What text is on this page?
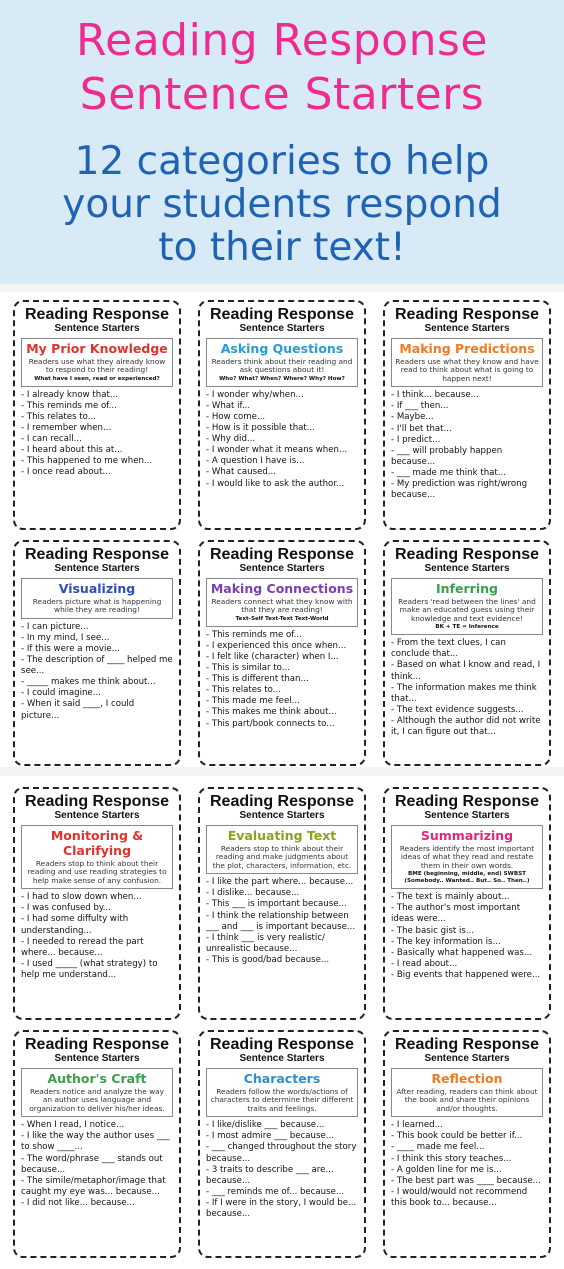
Reading Response
Sentence Starters
12 categories to help
your students respond
to their text!
Reading Response
Sentence Starters
My Prior Knowledge
Readers use what they already know to respond to their reading!
What have I seen, read or experienced?
- I already know that...
- This reminds me of...
- This relates to...
- I remember when...
- I can recall...
- I heard about this at...
- This happened to me when...
- I once read about...
Reading Response
Sentence Starters
Asking Questions
Readers think about their reading and ask questions about it!
Who? What? When? Where? Why? How?
- I wonder why/when...
- What if...
- How come...
- How is it possible that...
- Why did...
- I wonder what it means when...
- A question I have is...
- What caused...
- I would like to ask the author...
Reading Response
Sentence Starters
Making Predictions
Readers use what they know and have read to think about what is going to happen next!
- I think... because...
- If ___ then...
- Maybe...
- I'll bet that...
- I predict...
- ___ will probably happen because...
- ___ made me think that...
- My prediction was right/wrong because...
Reading Response
Sentence Starters
Visualizing
Readers picture what is happening while they are reading!
- I can picture...
- In my mind, I see...
- If this were a movie...
- The description of ____ helped me see...
- _____ makes me think about...
- I could imagine...
- When it said ____, I could picture...
Reading Response
Sentence Starters
Making Connections
Readers connect what they know with that they are reading!
Text-Self Text-Text Text-World
- This reminds me of...
- I experienced this once when...
- I felt like (character) when I...
- This is similar to...
- This is different than...
- This relates to...
- This made me feel...
- This makes me think about...
- This part/book connects to...
Reading Response
Sentence Starters
Inferring
Readers 'read between the lines' and make an educated guess using their knowledge and text evidence!
BK + TE = Inference
- From the text clues, I can conclude that...
- Based on what I know and read, I think...
- The information makes me think that...
- The text evidence suggests...
- Although the author did not write it, I can figure out that...
Reading Response
Sentence Starters
Monitoring & Clarifying
Readers stop to think about their reading and use reading strategies to help make sense of any confusion.
- I had to slow down when...
- I was confused by...
- I had some diffulty with understanding...
- I needed to reread the part where... because...
- I used _____ (what strategy) to help me understand...
Reading Response
Sentence Starters
Evaluating Text
Readers stop to think about their reading and make judgments about the plot, characters, information, etc.
- I like the part where... because...
- I dislike... because...
- This ___ is important because...
- I think the relationship between ___ and ___ is important because...
- I think ___ is very realistic/ unrealistic because...
- This is good/bad because...
Reading Response
Sentence Starters
Summarizing
Readers identify the most important ideas of what they read and restate them in their own words.
BME (beginning, middle, end) SWBST (Somebody.. Wanted.. But.. So.. Then..)
- The text is mainly about...
- The author's most important ideas were...
- The basic gist is...
- The key information is...
- Basically what happened was...
- I read about...
- Big events that happened were...
Reading Response
Sentence Starters
Author's Craft
Readers notice and analyze the way an author uses language and organization to deliver his/her ideas.
- When I read, I notice...
- I like the way the author uses ___ to show ____...
- The word/phrase ___ stands out because...
- The simile/metaphor/image that caught my eye was... because...
- I did not like... because...
Reading Response
Sentence Starters
Characters
Readers follow the words/actions of characters to determine their different traits and feelings.
- I like/dislike ___ because...
- I most admire ___ because...
- ___ changed throughout the story because...
- 3 traits to describe ___ are... because...
- ___ reminds me of... because...
- If I were in the story, I would be... because...
Reading Response
Sentence Starters
Reflection
After reading, readers can think about the book and share their opinions and/or thoughts.
- I learned...
- This book could be better if...
- ____ made me feel...
- I think this story teaches...
- A golden line for me is...
- The best part was ____ because...
- I would/would not recommend this book to... because...
